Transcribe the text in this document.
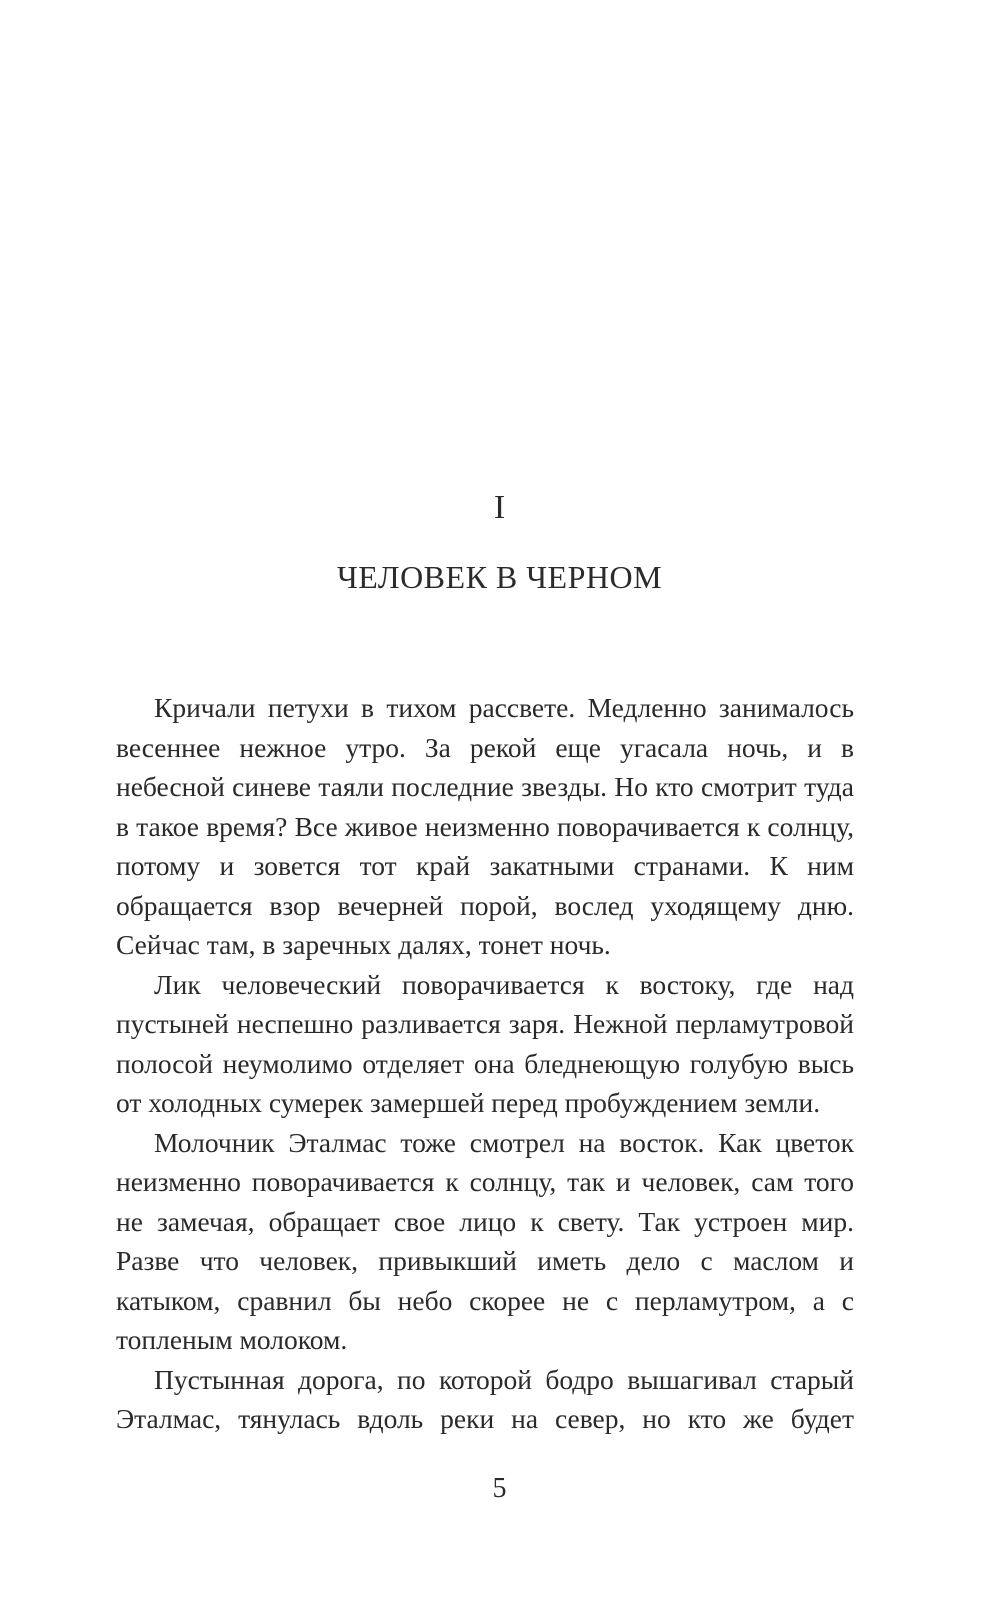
I
ЧЕЛОВЕК В ЧЕРНОМ

Кричали петухи в тихом рассвете. Медленно занималось весеннее нежное утро. За рекой еще угасала ночь, и в небесной синеве таяли последние звезды. Но кто смотрит туда в такое время? Все живое неизменно поворачивается к солнцу, потому и зовется тот край закатными странами. К ним обращается взор вечерней порой, вослед уходящему дню. Сейчас там, в заречных далях, тонет ночь.

Лик человеческий поворачивается к востоку, где над пустыней неспешно разливается заря. Нежной перламутровой полосой неумолимо отделяет она бледнеющую голубую высь от холодных сумерек замершей перед пробуждением земли.

Молочник Эталмас тоже смотрел на восток. Как цветок неизменно поворачивается к солнцу, так и человек, сам того не замечая, обращает свое лицо к свету. Так устроен мир. Разве что человек, привыкший иметь дело с маслом и катыком, сравнил бы небо скорее не с перламутром, а с топленым молоком.

Пустынная дорога, по которой бодро вышагивал старый Эталмас, тянулась вдоль реки на север, но кто же будет

5
